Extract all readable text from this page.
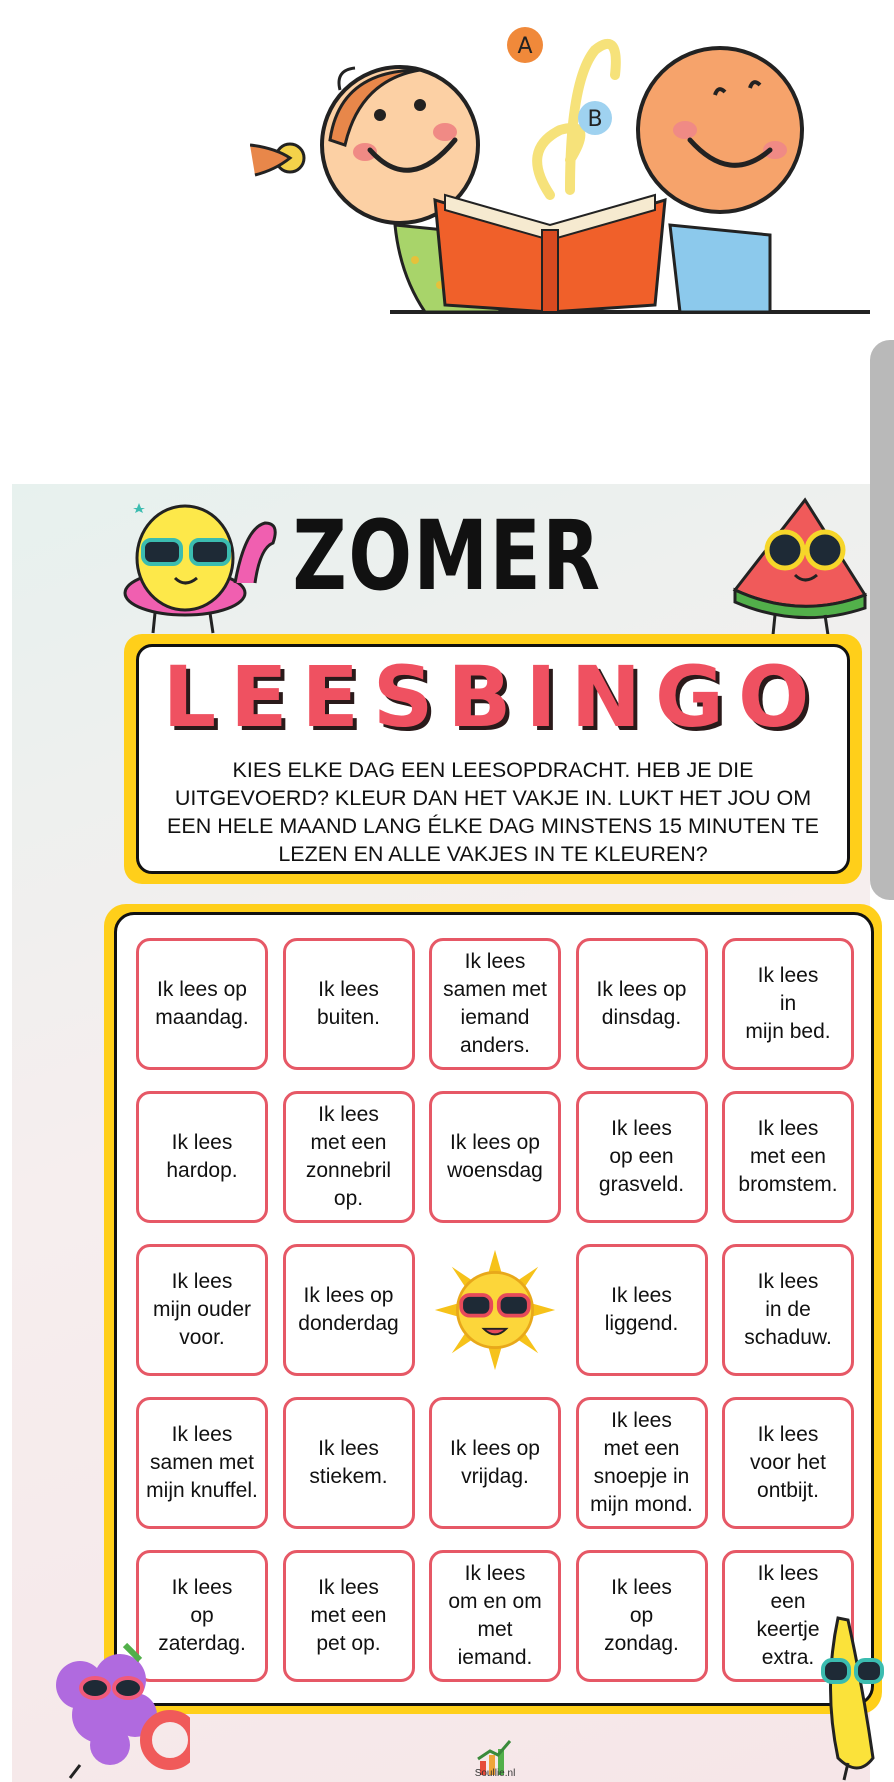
A
B
ZOMER
LEESBINGO
KIES ELKE DAG EEN LEESOPDRACHT. HEB JE DIE UITGEVOERD? KLEUR DAN HET VAKJE IN. LUKT HET JOU OM EEN HELE MAAND LANG ÉLKE DAG MINSTENS 15 MINUTEN TE LEZEN EN ALLE VAKJES IN TE KLEUREN?
Ik lees op
maandag.
Ik lees
buiten.
Ik lees
samen met
iemand
anders.
Ik lees op
dinsdag.
Ik lees
in
mijn bed.
Ik lees
hardop.
Ik lees
met een
zonnebril
op.
Ik lees op
woensdag
Ik lees
op een
grasveld.
Ik lees
met een
bromstem.
Ik lees
mijn ouder
voor.
Ik lees op
donderdag
Ik lees
liggend.
Ik lees
in de
schaduw.
Ik lees
samen met
mijn knuffel.
Ik lees
stiekem.
Ik lees op
vrijdag.
Ik lees
met een
snoepje in
mijn mond.
Ik lees
voor het
ontbijt.
Ik lees
op
zaterdag.
Ik lees
met een
pet op.
Ik lees
om en om
met
iemand.
Ik lees
op
zondag.
Ik lees
een
keertje
extra.
Soullie.nl
